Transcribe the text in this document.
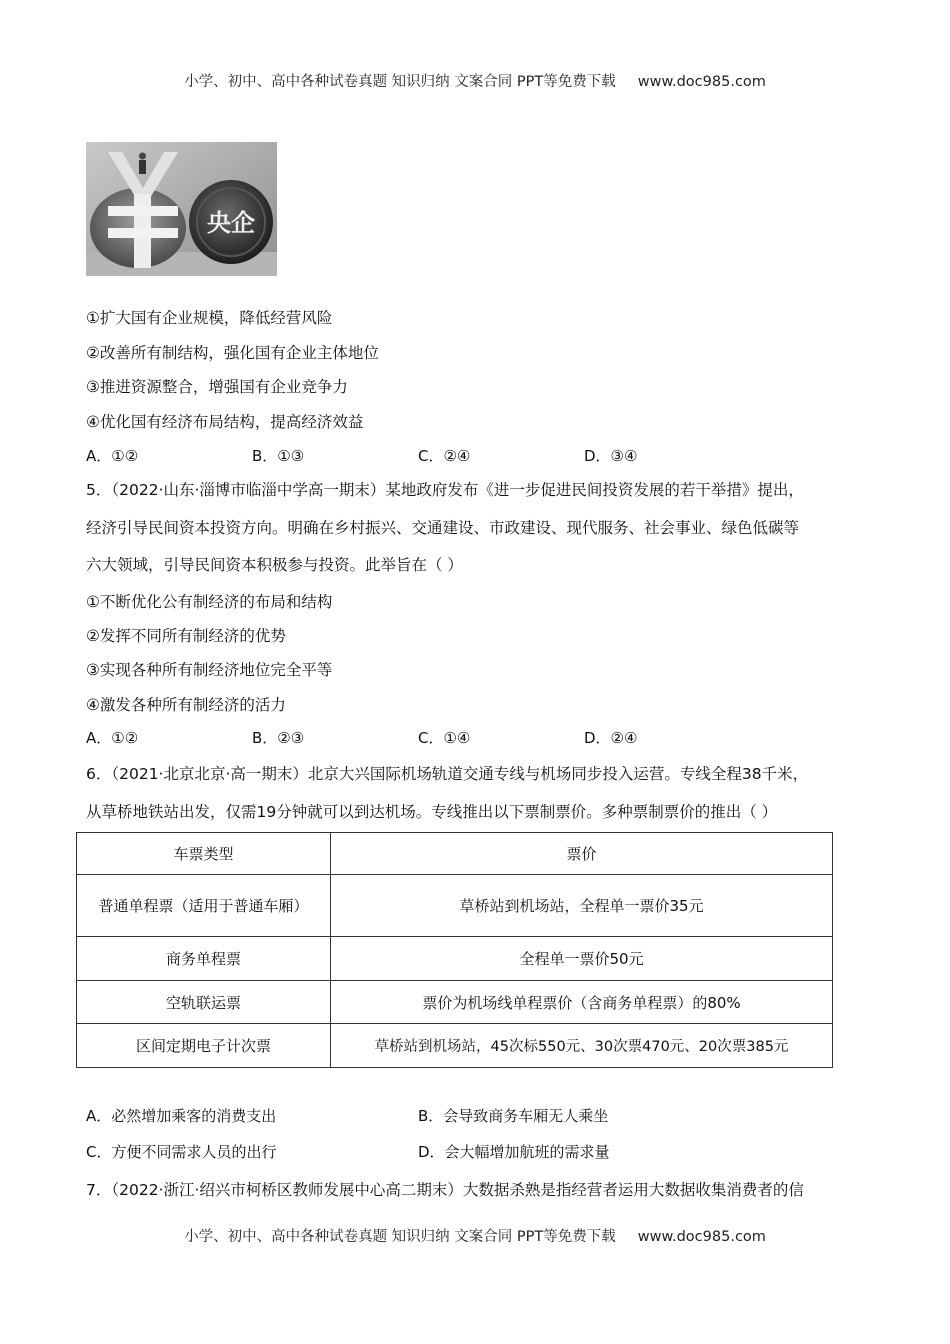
小学、初中、高中各种试卷真题 知识归纳 文案合同 PPT等免费下载 www.doc985.com
央企
①扩大国有企业规模，降低经营风险
②改善所有制结构，强化国有企业主体地位
③推进资源整合，增强国有企业竞争力
④优化国有经济布局结构，提高经济效益
A．①②	B．①③	C．②④	D．③④
5．（2022·山东·淄博市临淄中学高一期末）某地政府发布《进一步促进民间投资发展的若干举措》提出，
经济引导民间资本投资方向。明确在乡村振兴、交通建设、市政建设、现代服务、社会事业、绿色低碳等
六大领域，引导民间资本积极参与投资。此举旨在（ ）
①不断优化公有制经济的布局和结构
②发挥不同所有制经济的优势
③实现各种所有制经济地位完全平等
④激发各种所有制经济的活力
A．①②	B．②③	C．①④	D．②④
6．（2021·北京北京·高一期末）北京大兴国际机场轨道交通专线与机场同步投入运营。专线全程38千米，
从草桥地铁站出发，仅需19分钟就可以到达机场。专线推出以下票制票价。多种票制票价的推出（ ）
车票类型	票价
普通单程票（适用于普通车厢）	草桥站到机场站，全程单一票价35元
商务单程票	全程单一票价50元
空轨联运票	票价为机场线单程票价（含商务单程票）的80%
区间定期电子计次票	草桥站到机场站，45次标550元、30次票470元、20次票385元
A．必然增加乘客的消费支出	B．会导致商务车厢无人乘坐
C．方便不同需求人员的出行	D．会大幅增加航班的需求量
7．（2022·浙江·绍兴市柯桥区教师发展中心高二期末）大数据杀熟是指经营者运用大数据收集消费者的信
小学、初中、高中各种试卷真题 知识归纳 文案合同 PPT等免费下载 www.doc985.com
